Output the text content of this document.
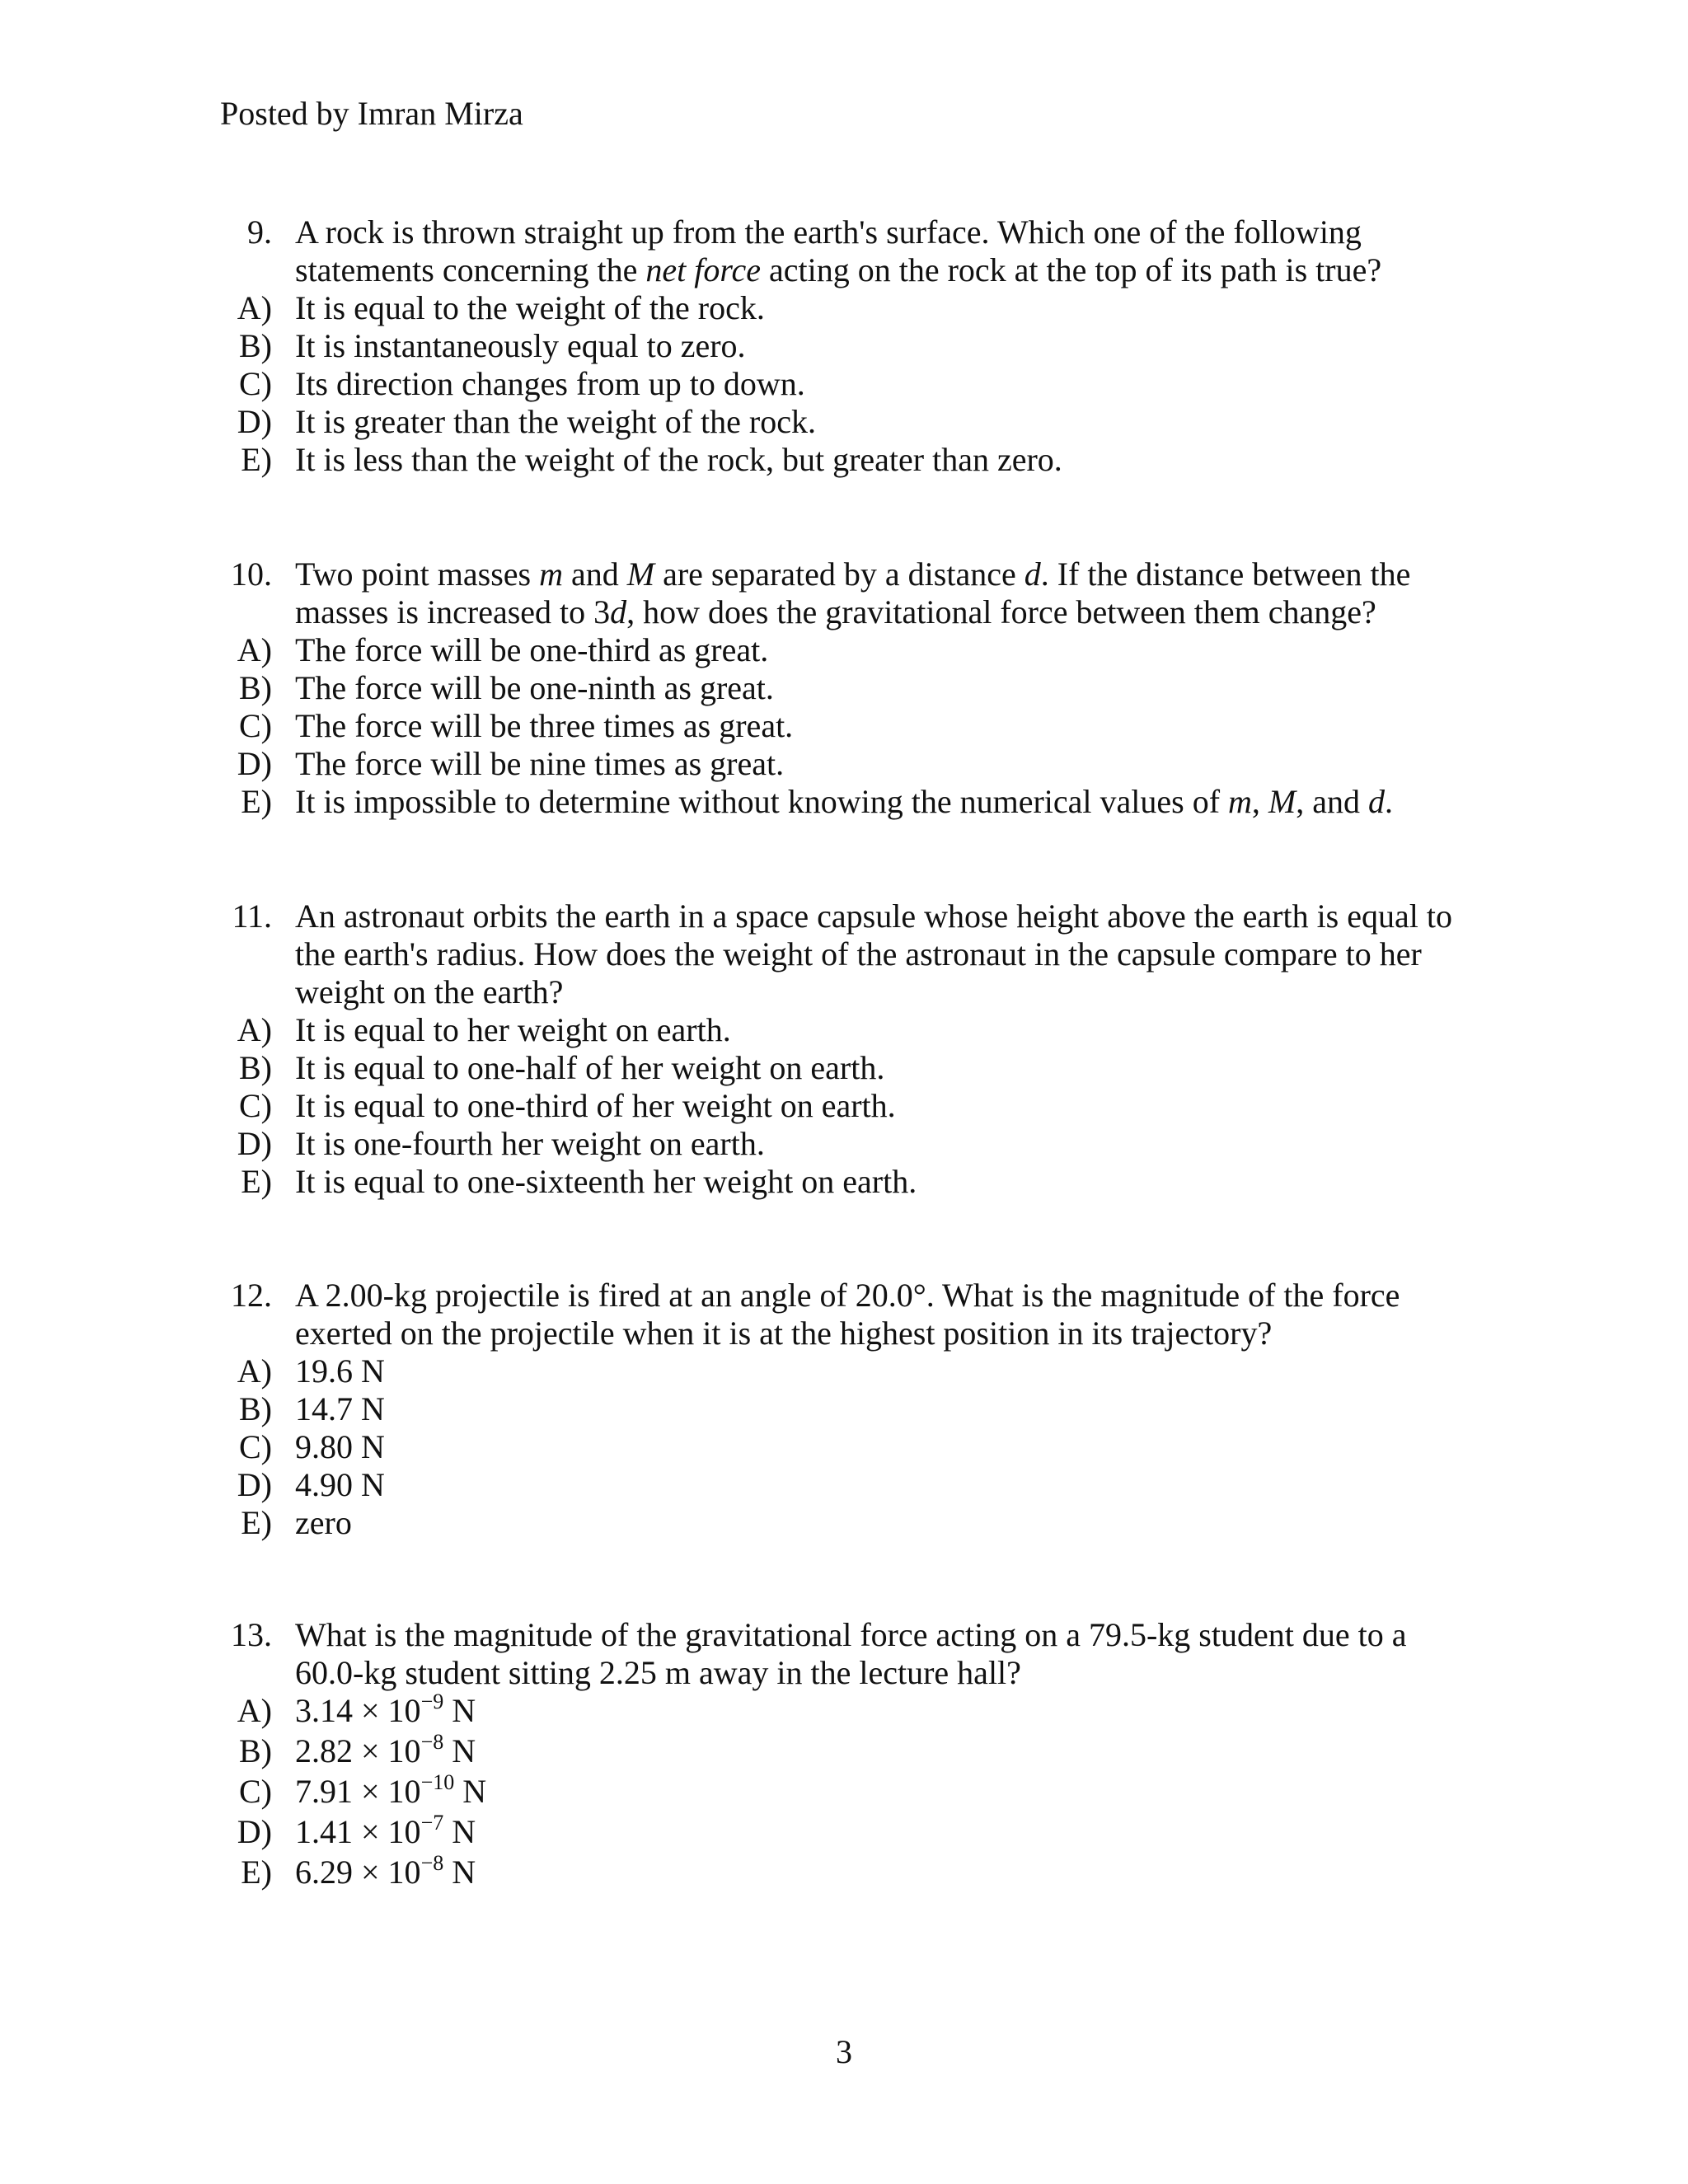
Posted by Imran Mirza
9. A rock is thrown straight up from the earth's surface. Which one of the following
statements concerning the net force acting on the rock at the top of its path is true?
A) It is equal to the weight of the rock.
B) It is instantaneously equal to zero.
C) Its direction changes from up to down.
D) It is greater than the weight of the rock.
E) It is less than the weight of the rock, but greater than zero.
10. Two point masses m and M are separated by a distance d. If the distance between the
masses is increased to 3d, how does the gravitational force between them change?
A) The force will be one-third as great.
B) The force will be one-ninth as great.
C) The force will be three times as great.
D) The force will be nine times as great.
E) It is impossible to determine without knowing the numerical values of m, M, and d.
11. An astronaut orbits the earth in a space capsule whose height above the earth is equal to
the earth's radius. How does the weight of the astronaut in the capsule compare to her
weight on the earth?
A) It is equal to her weight on earth.
B) It is equal to one-half of her weight on earth.
C) It is equal to one-third of her weight on earth.
D) It is one-fourth her weight on earth.
E) It is equal to one-sixteenth her weight on earth.
12. A 2.00-kg projectile is fired at an angle of 20.0°. What is the magnitude of the force
exerted on the projectile when it is at the highest position in its trajectory?
A) 19.6 N
B) 14.7 N
C) 9.80 N
D) 4.90 N
E) zero
13. What is the magnitude of the gravitational force acting on a 79.5-kg student due to a
60.0-kg student sitting 2.25 m away in the lecture hall?
A) $3.14 \times 10^{-9}$ N
B) $2.82 \times 10^{-8}$ N
C) $7.91 \times 10^{-10}$ N
D) $1.41 \times 10^{-7}$ N
E) $6.29 \times 10^{-8}$ N
3
